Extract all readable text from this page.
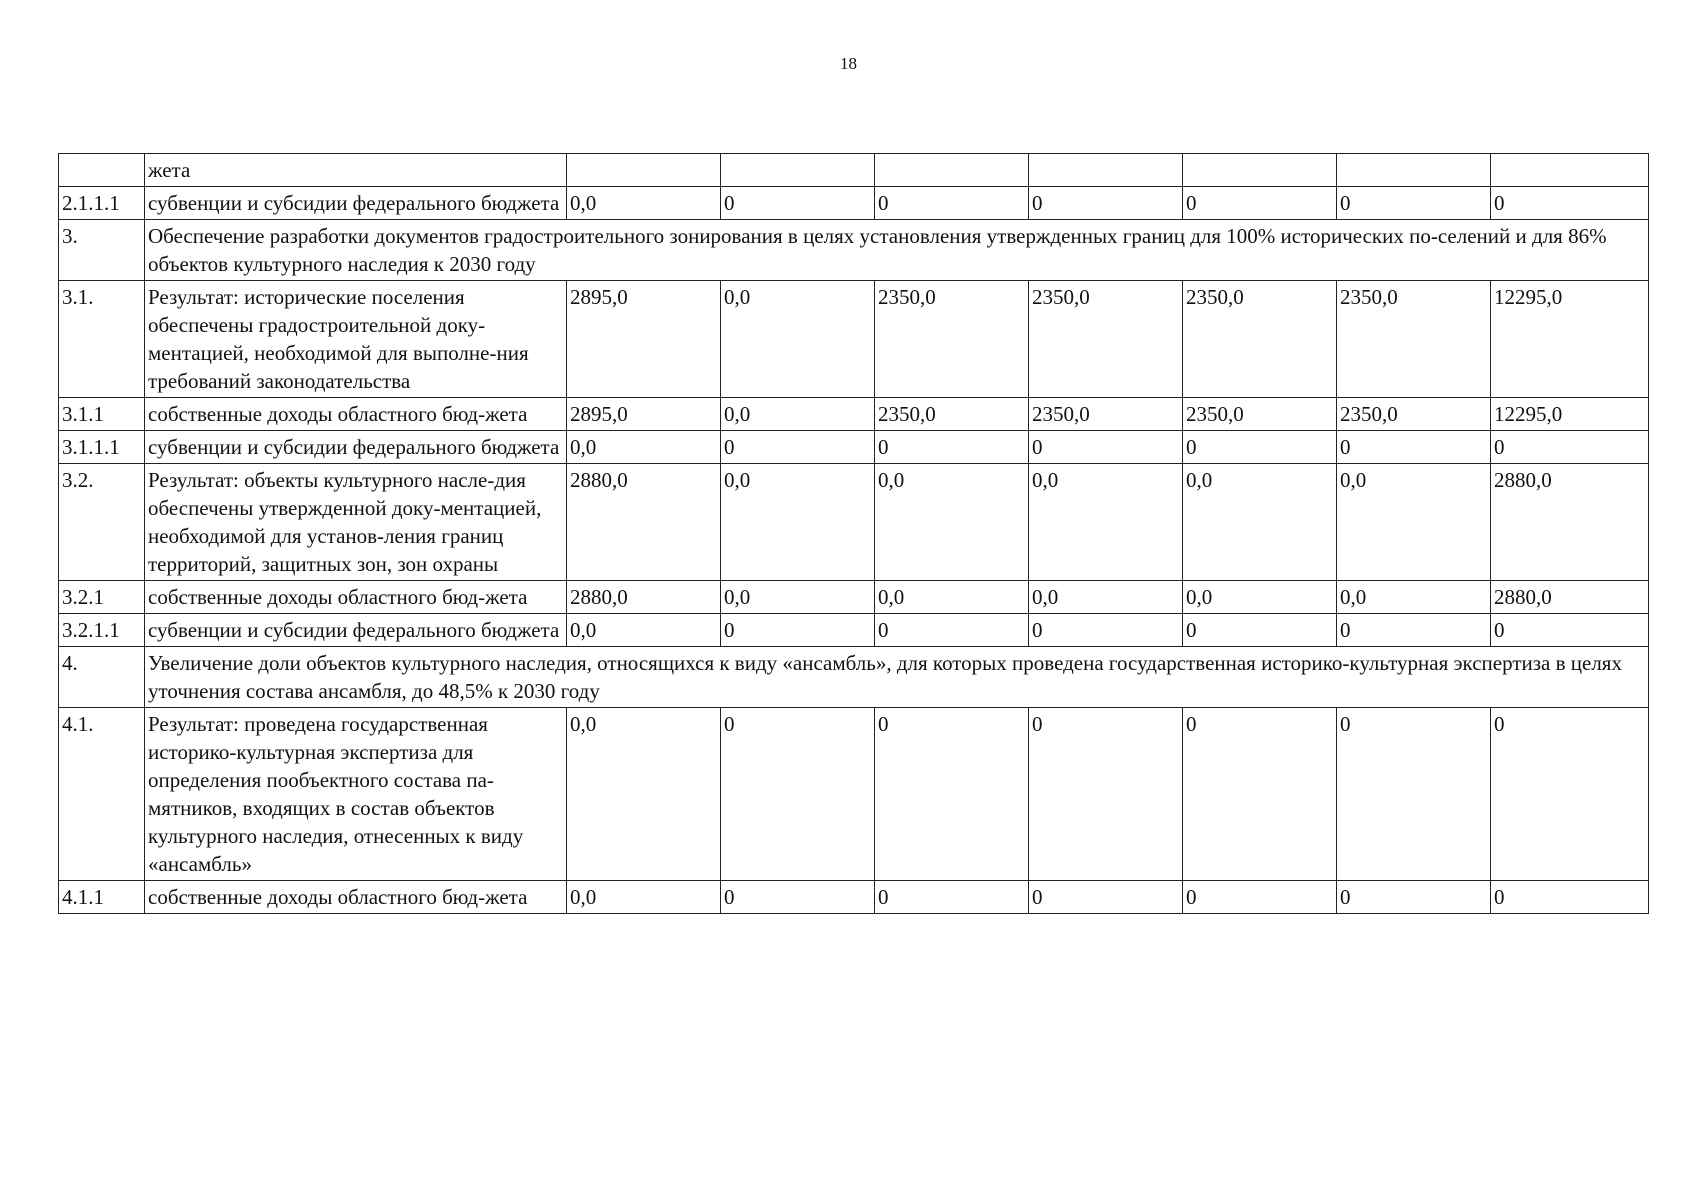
18
	жета							
2.1.1.1	субвенции и субсидии федерального бюджета	0,0	0	0	0	0	0	0
3.	Обеспечение разработки документов градостроительного зонирования в целях установления утвержденных границ для 100% исторических по-селений и для 86% объектов культурного наследия к 2030 году							
3.1.	Результат: исторические поселения обеспечены градостроительной доку-ментацией, необходимой для выполне-ния требований законодательства	2895,0	0,0	2350,0	2350,0	2350,0	2350,0	12295,0
3.1.1	собственные доходы областного бюд-жета	2895,0	0,0	2350,0	2350,0	2350,0	2350,0	12295,0
3.1.1.1	субвенции и субсидии федерального бюджета	0,0	0	0	0	0	0	0
3.2.	Результат: объекты культурного насле-дия обеспечены утвержденной доку-ментацией, необходимой для установ-ления границ территорий, защитных зон, зон охраны	2880,0	0,0	0,0	0,0	0,0	0,0	2880,0
3.2.1	собственные доходы областного бюд-жета	2880,0	0,0	0,0	0,0	0,0	0,0	2880,0
3.2.1.1	субвенции и субсидии федерального бюджета	0,0	0	0	0	0	0	0
4.	Увеличение доли объектов культурного наследия, относящихся к виду «ансамбль», для которых проведена государственная историко-культурная экспертиза в целях уточнения состава ансамбля, до 48,5% к 2030 году							
4.1.	Результат: проведена государственная историко-культурная экспертиза для определения пообъектного состава па-мятников, входящих в состав объектов культурного наследия, отнесенных к виду «ансамбль»	0,0	0	0	0	0	0	0
4.1.1	собственные доходы областного бюд-жета	0,0	0	0	0	0	0	0
